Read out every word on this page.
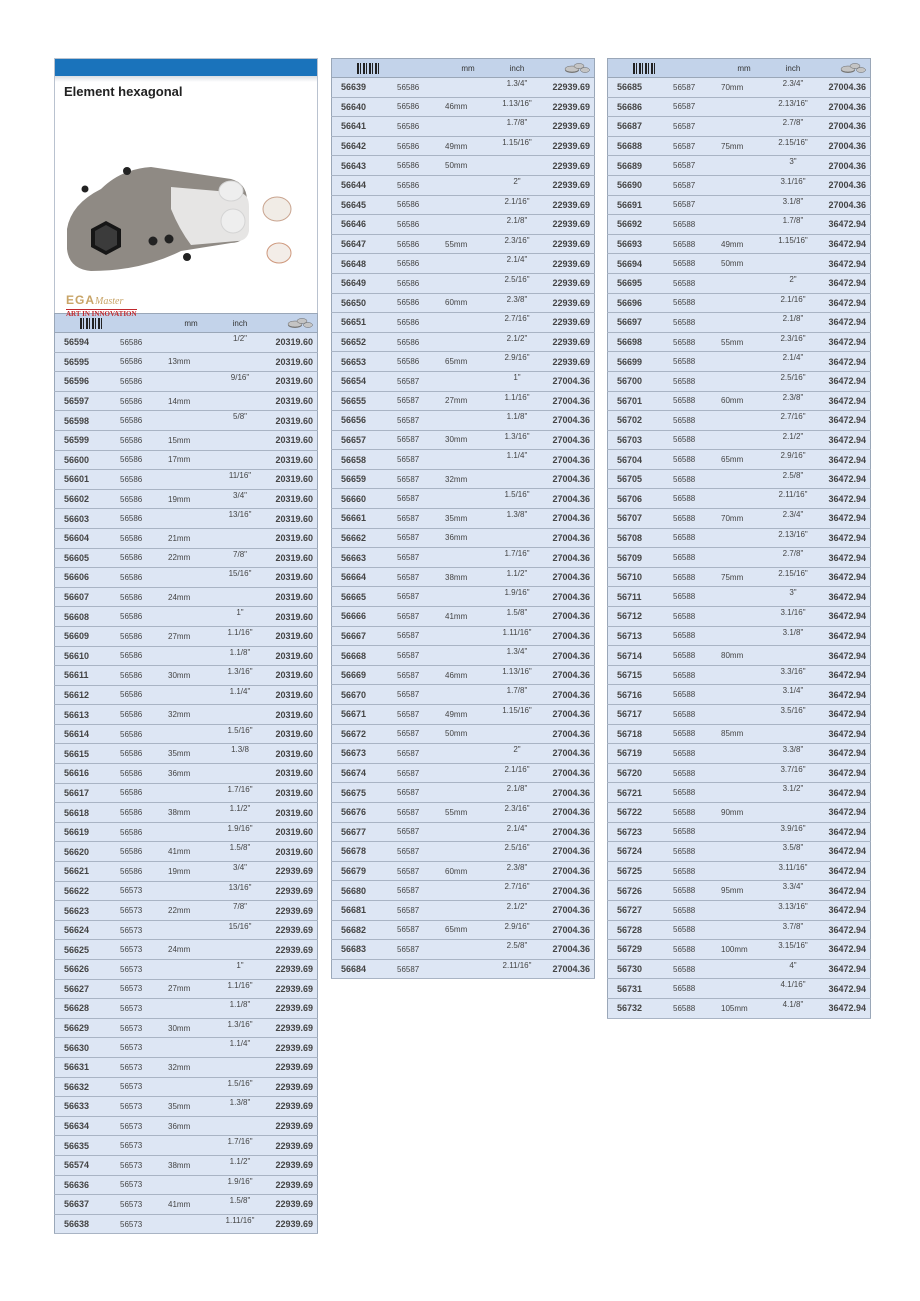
Element hexagonal
EGAMaster
ART IN INNOVATION
		mm	inch	
56594	56586		1/2"	20319.60
56595	56586	13mm		20319.60
56596	56586		9/16"	20319.60
56597	56586	14mm		20319.60
56598	56586		5/8"	20319.60
56599	56586	15mm		20319.60
56600	56586	17mm		20319.60
56601	56586		11/16"	20319.60
56602	56586	19mm	3/4"	20319.60
56603	56586		13/16"	20319.60
56604	56586	21mm		20319.60
56605	56586	22mm	7/8"	20319.60
56606	56586		15/16"	20319.60
56607	56586	24mm		20319.60
56608	56586		1"	20319.60
56609	56586	27mm	1.1/16"	20319.60
56610	56586		1.1/8"	20319.60
56611	56586	30mm	1.3/16"	20319.60
56612	56586		1.1/4"	20319.60
56613	56586	32mm		20319.60
56614	56586		1.5/16"	20319.60
56615	56586	35mm	1.3/8	20319.60
56616	56586	36mm		20319.60
56617	56586		1.7/16"	20319.60
56618	56586	38mm	1.1/2"	20319.60
56619	56586		1.9/16"	20319.60
56620	56586	41mm	1.5/8"	20319.60
56621	56586	19mm	3/4"	22939.69
56622	56573		13/16"	22939.69
56623	56573	22mm	7/8"	22939.69
56624	56573		15/16"	22939.69
56625	56573	24mm		22939.69
56626	56573		1"	22939.69
56627	56573	27mm	1.1/16"	22939.69
56628	56573		1.1/8"	22939.69
56629	56573	30mm	1.3/16"	22939.69
56630	56573		1.1/4"	22939.69
56631	56573	32mm		22939.69
56632	56573		1.5/16"	22939.69
56633	56573	35mm	1.3/8"	22939.69
56634	56573	36mm		22939.69
56635	56573		1.7/16"	22939.69
56574	56573	38mm	1.1/2"	22939.69
56636	56573		1.9/16"	22939.69
56637	56573	41mm	1.5/8"	22939.69
56638	56573		1.11/16"	22939.69
		mm	inch	
56639	56586		1.3/4"	22939.69
56640	56586	46mm	1.13/16"	22939.69
56641	56586		1.7/8"	22939.69
56642	56586	49mm	1.15/16"	22939.69
56643	56586	50mm		22939.69
56644	56586		2"	22939.69
56645	56586		2.1/16"	22939.69
56646	56586		2.1/8"	22939.69
56647	56586	55mm	2.3/16"	22939.69
56648	56586		2.1/4"	22939.69
56649	56586		2.5/16"	22939.69
56650	56586	60mm	2.3/8"	22939.69
56651	56586		2.7/16"	22939.69
56652	56586		2.1/2"	22939.69
56653	56586	65mm	2.9/16"	22939.69
56654	56587		1"	27004.36
56655	56587	27mm	1.1/16"	27004.36
56656	56587		1.1/8"	27004.36
56657	56587	30mm	1.3/16"	27004.36
56658	56587		1.1/4"	27004.36
56659	56587	32mm		27004.36
56660	56587		1.5/16"	27004.36
56661	56587	35mm	1.3/8"	27004.36
56662	56587	36mm		27004.36
56663	56587		1.7/16"	27004.36
56664	56587	38mm	1.1/2"	27004.36
56665	56587		1.9/16"	27004.36
56666	56587	41mm	1.5/8"	27004.36
56667	56587		1.11/16"	27004.36
56668	56587		1.3/4"	27004.36
56669	56587	46mm	1.13/16"	27004.36
56670	56587		1.7/8"	27004.36
56671	56587	49mm	1.15/16"	27004.36
56672	56587	50mm		27004.36
56673	56587		2"	27004.36
56674	56587		2.1/16"	27004.36
56675	56587		2.1/8"	27004.36
56676	56587	55mm	2.3/16"	27004.36
56677	56587		2.1/4"	27004.36
56678	56587		2.5/16"	27004.36
56679	56587	60mm	2.3/8"	27004.36
56680	56587		2.7/16"	27004.36
56681	56587		2.1/2"	27004.36
56682	56587	65mm	2.9/16"	27004.36
56683	56587		2.5/8"	27004.36
56684	56587		2.11/16"	27004.36
		mm	inch	
56685	56587	70mm	2.3/4"	27004.36
56686	56587		2.13/16"	27004.36
56687	56587		2.7/8"	27004.36
56688	56587	75mm	2.15/16"	27004.36
56689	56587		3"	27004.36
56690	56587		3.1/16"	27004.36
56691	56587		3.1/8"	27004.36
56692	56588		1.7/8"	36472.94
56693	56588	49mm	1.15/16"	36472.94
56694	56588	50mm		36472.94
56695	56588		2"	36472.94
56696	56588		2.1/16"	36472.94
56697	56588		2.1/8"	36472.94
56698	56588	55mm	2.3/16"	36472.94
56699	56588		2.1/4"	36472.94
56700	56588		2.5/16"	36472.94
56701	56588	60mm	2.3/8"	36472.94
56702	56588		2.7/16"	36472.94
56703	56588		2.1/2"	36472.94
56704	56588	65mm	2.9/16"	36472.94
56705	56588		2.5/8"	36472.94
56706	56588		2.11/16"	36472.94
56707	56588	70mm	2.3/4"	36472.94
56708	56588		2.13/16"	36472.94
56709	56588		2.7/8"	36472.94
56710	56588	75mm	2.15/16"	36472.94
56711	56588		3"	36472.94
56712	56588		3.1/16"	36472.94
56713	56588		3.1/8"	36472.94
56714	56588	80mm		36472.94
56715	56588		3.3/16"	36472.94
56716	56588		3.1/4"	36472.94
56717	56588		3.5/16"	36472.94
56718	56588	85mm		36472.94
56719	56588		3.3/8"	36472.94
56720	56588		3.7/16"	36472.94
56721	56588		3.1/2"	36472.94
56722	56588	90mm		36472.94
56723	56588		3.9/16"	36472.94
56724	56588		3.5/8"	36472.94
56725	56588		3.11/16"	36472.94
56726	56588	95mm	3.3/4"	36472.94
56727	56588		3.13/16"	36472.94
56728	56588		3.7/8"	36472.94
56729	56588	100mm	3.15/16"	36472.94
56730	56588		4"	36472.94
56731	56588		4.1/16"	36472.94
56732	56588	105mm	4.1/8"	36472.94
